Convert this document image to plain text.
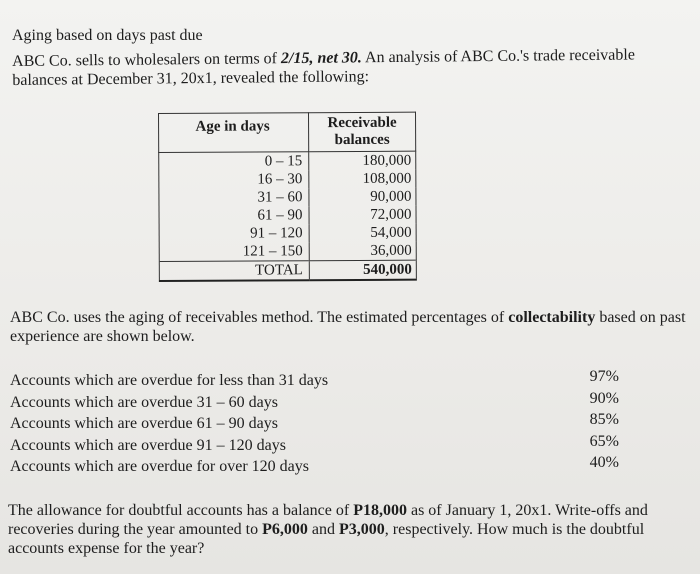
Aging based on days past due
ABC Co. sells to wholesalers on terms of 2/15, net 30. An analysis of ABC Co.'s trade receivable balances at December 31, 20x1, revealed the following:
Age in days	Receivable balances
0 – 15	180,000
16 – 30	108,000
31 – 60	90,000
61 – 90	72,000
91 – 120	54,000
121 – 150	36,000
TOTAL	540,000
ABC Co. uses the aging of receivables method. The estimated percentages of collectability based on past experience are shown below.
Accounts which are overdue for less than 31 days	97%
Accounts which are overdue 31 – 60 days	90%
Accounts which are overdue 61 – 90 days	85%
Accounts which are overdue 91 – 120 days	65%
Accounts which are overdue for over 120 days	40%
The allowance for doubtful accounts has a balance of P18,000 as of January 1, 20x1. Write-offs and recoveries during the year amounted to P6,000 and P3,000, respectively. How much is the doubtful accounts expense for the year?
